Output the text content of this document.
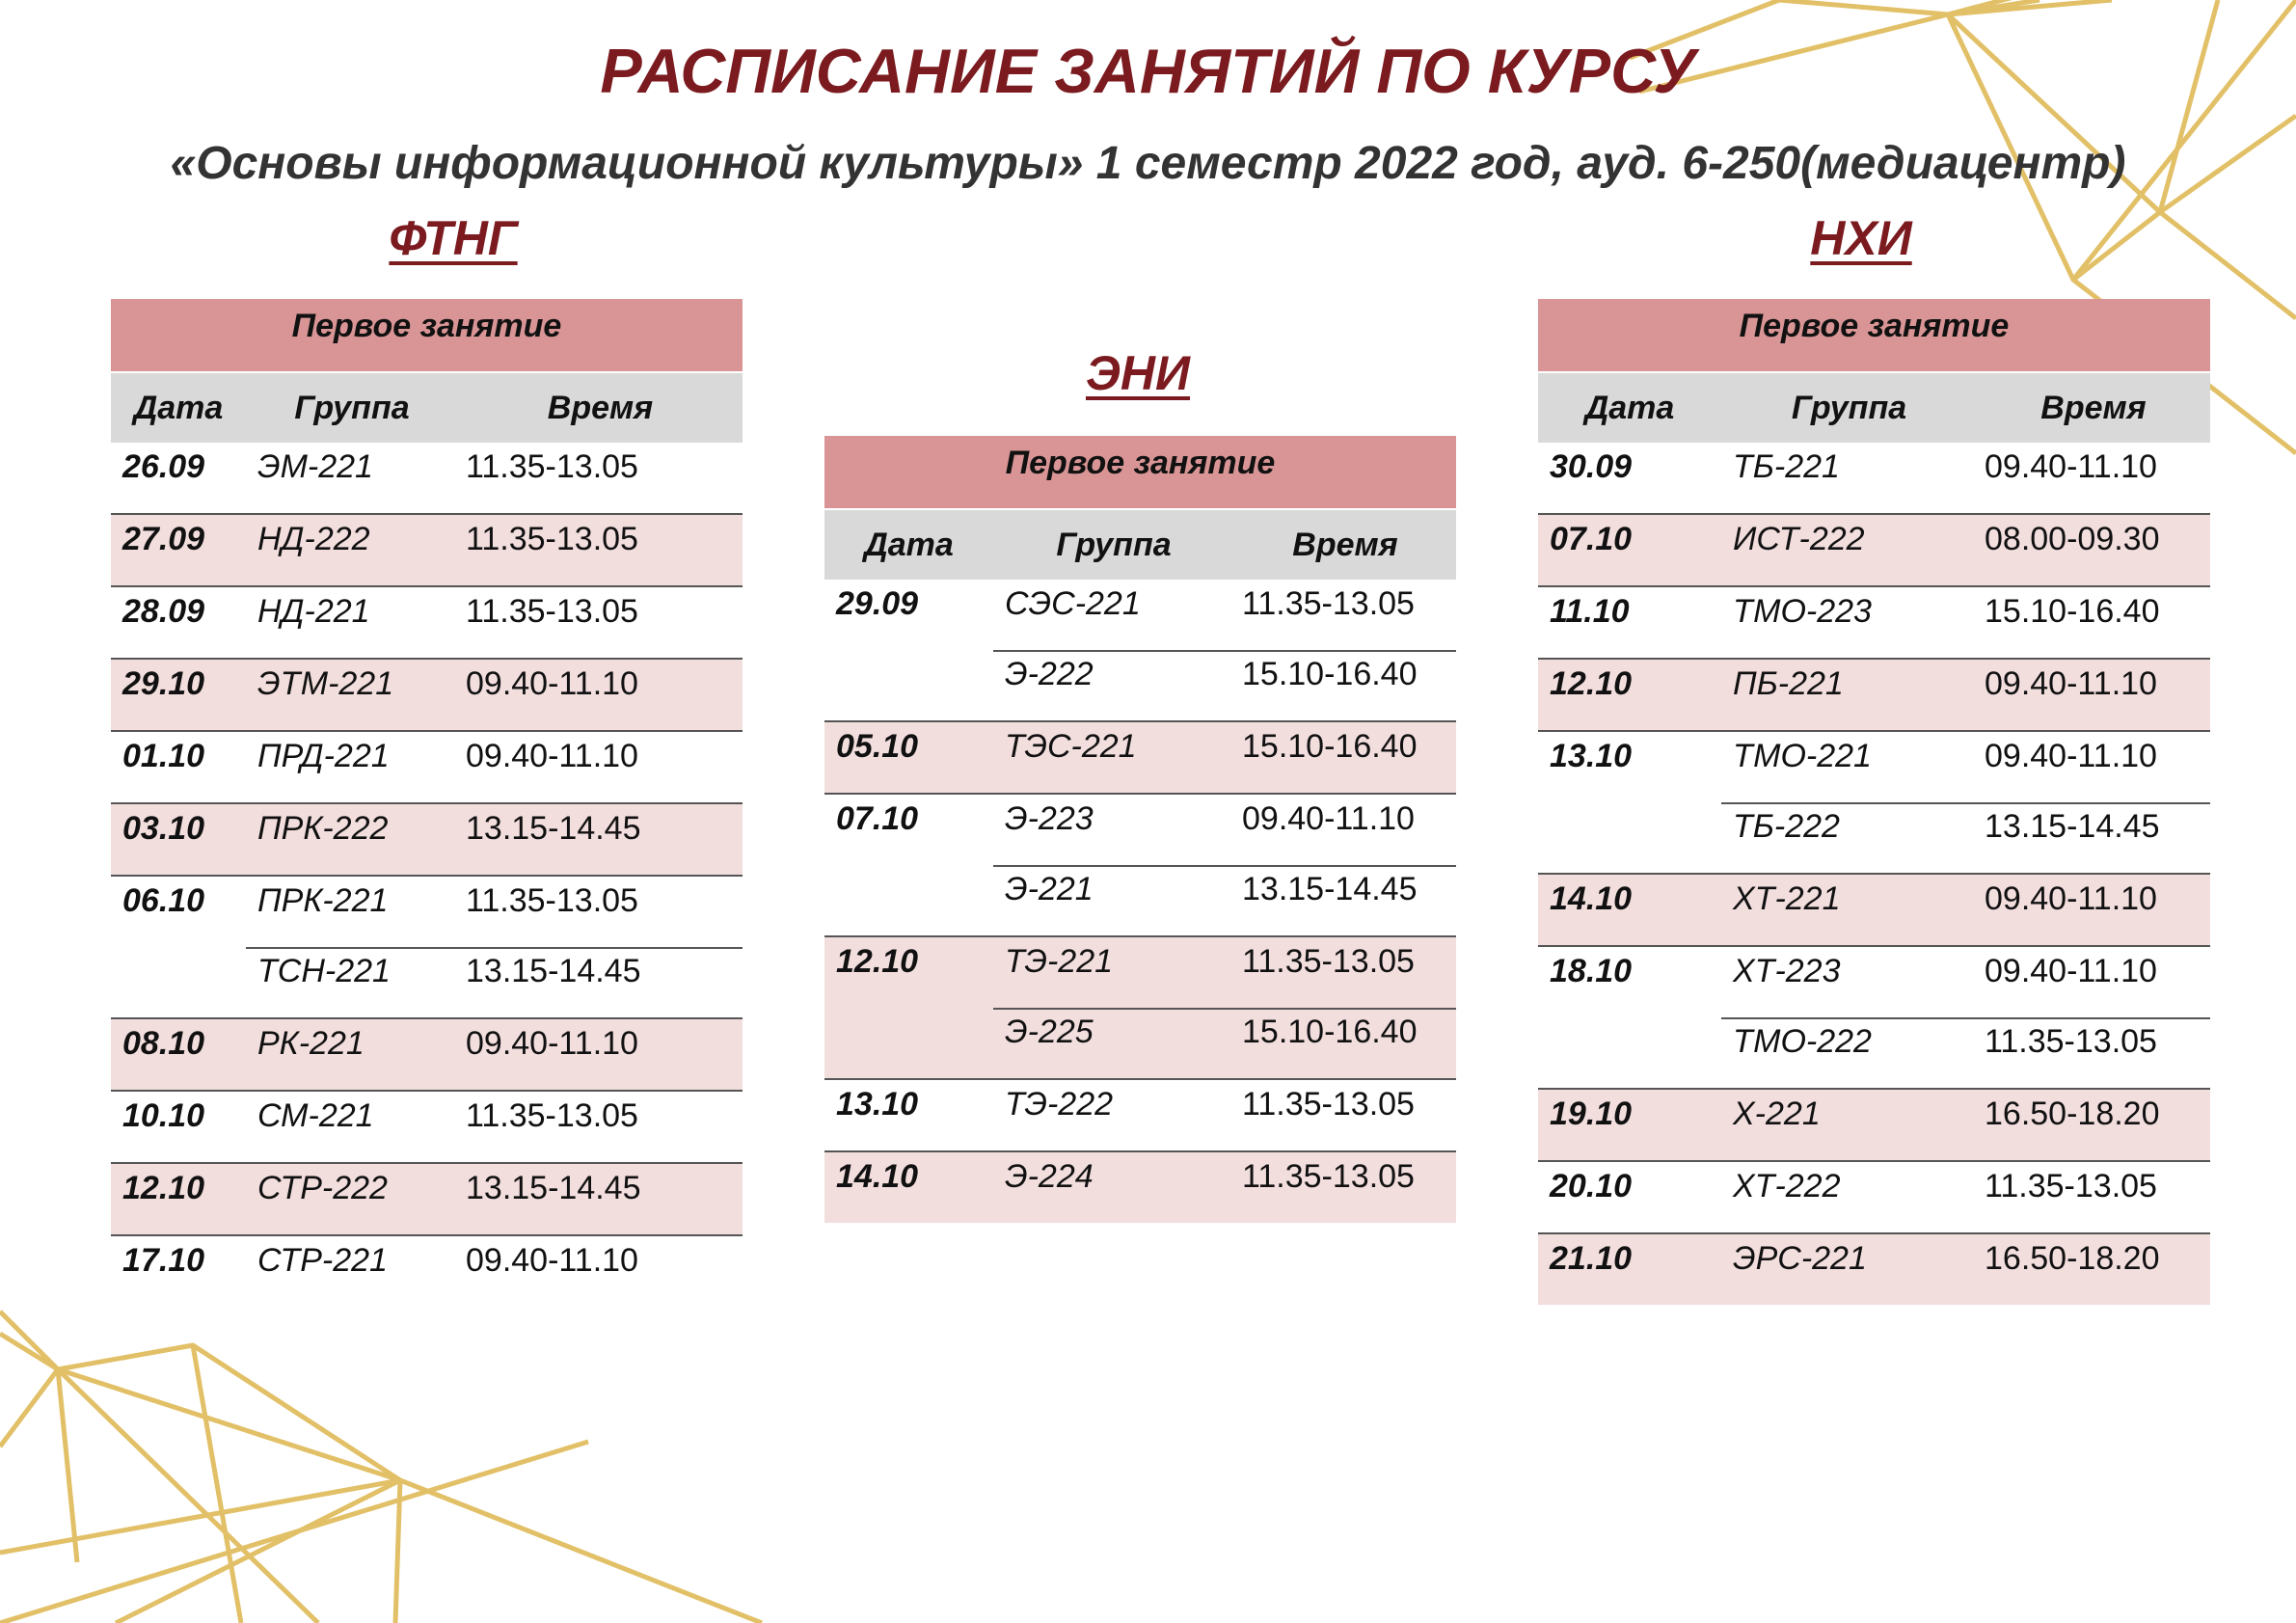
РАСПИСАНИЕ ЗАНЯТИЙ ПО КУРСУ
«Основы информационной культуры» 1 семестр 2022 год, ауд. 6-250(медиацентр)
ФТНГ
ЭНИ
НХИ
Первое занятие
Дата	Группа	Время
26.09	ЭМ-221	11.35-13.05
27.09	НД-222	11.35-13.05
28.09	НД-221	11.35-13.05
29.10	ЭТМ-221	09.40-11.10
01.10	ПРД-221	09.40-11.10
03.10	ПРК-222	13.15-14.45
06.10	ПРК-221	11.35-13.05
ТСН-221	13.15-14.45
08.10	РК-221	09.40-11.10
10.10	СМ-221	11.35-13.05
12.10	СТР-222	13.15-14.45
17.10	СТР-221	09.40-11.10
Первое занятие
Дата	Группа	Время
29.09	СЭС-221	11.35-13.05
Э-222	15.10-16.40
05.10	ТЭС-221	15.10-16.40
07.10	Э-223	09.40-11.10
Э-221	13.15-14.45
12.10	ТЭ-221	11.35-13.05
Э-225	15.10-16.40
13.10	ТЭ-222	11.35-13.05
14.10	Э-224	11.35-13.05
Первое занятие
Дата	Группа	Время
30.09	ТБ-221	09.40-11.10
07.10	ИСТ-222	08.00-09.30
11.10	ТМО-223	15.10-16.40
12.10	ПБ-221	09.40-11.10
13.10	ТМО-221	09.40-11.10
ТБ-222	13.15-14.45
14.10	ХТ-221	09.40-11.10
18.10	ХТ-223	09.40-11.10
ТМО-222	11.35-13.05
19.10	Х-221	16.50-18.20
20.10	ХТ-222	11.35-13.05
21.10	ЭРС-221	16.50-18.20
